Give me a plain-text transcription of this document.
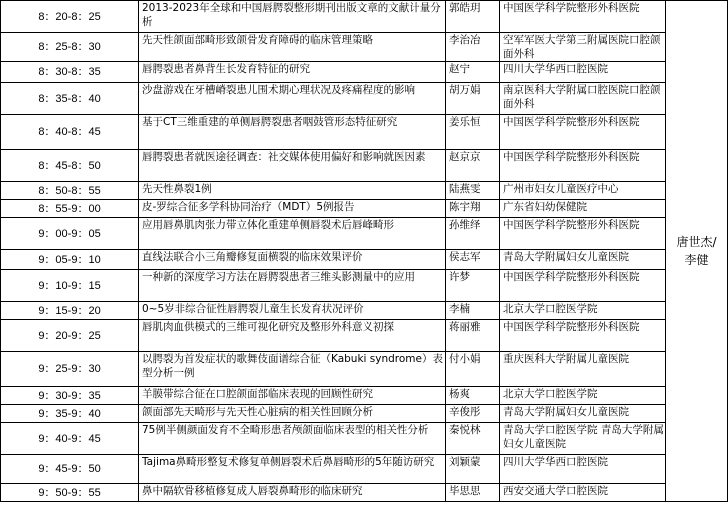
8：20-8：25	2013-2023年全球和中国唇腭裂整形期刊出版文章的文献计量分析	郭皓玥	中国医学科学院整形外科医院	唐世杰/
李健

8：25-8：30	先天性颌面部畸形致颌骨发育障碍的临床管理策略	李治冶	空军军医大学第三附属医院口腔颌面外科	

8：30-8：35	唇腭裂患者鼻背生长发育特征的研究	赵宁	四川大学华西口腔医院	

8：35-8：40	沙盘游戏在牙槽嵴裂患儿围术期心理状况及疼痛程度的影响	胡万娟	南京医科大学附属口腔医院口腔颌面外科	

8：40-8：45	基于CT三维重建的单侧唇腭裂患者咽鼓管形态特征研究	姜乐恒	中国医学科学院整形外科医院	

8：45-8：50	唇腭裂患者就医途径调查：社交媒体使用偏好和影响就医因素	赵京京	中国医学科学院整形外科医院	

8：50-8：55	先天性鼻裂1例	陆燕雯	广州市妇女儿童医疗中心	

8：55-9：00	皮-罗综合征多学科协同治疗（MDT）5例报告	陈宇翔	广东省妇幼保健院	

9：00-9：05	应用唇鼻肌肉张力带立体化重建单侧唇裂术后唇峰畸形	孙维绎	中国医学科学院整形外科医院	

9：05-9：10	直线法联合小三角瓣修复面横裂的临床效果评价	侯志军	青岛大学附属妇女儿童医院	

9：10-9：15	一种新的深度学习方法在唇腭裂患者三维头影测量中的应用	许梦	中国医学科学院整形外科医院	

9：15-9：20	0~5岁非综合征性唇腭裂儿童生长发育状况评价	李楠	北京大学口腔医学院	

9：20-9：25	唇肌肉血供模式的三维可视化研究及整形外科意义初探	蒋丽雅	中国医学科学院整形外科医院	

9：25-9：30	以腭裂为首发症状的歌舞伎面谱综合征（Kabuki syndrome）表型分析一例	付小娟	重庆医科大学附属儿童医院	

9：30-9：35	羊膜带综合征在口腔颌面部临床表现的回顾性研究	杨爽	北京大学口腔医学院	

9：35-9：40	颌面部先天畸形与先天性心脏病的相关性回顾分析	辛俊彤	青岛大学附属妇女儿童医院	

9：40-9：45	75例半侧颜面发育不全畸形患者颅颌面临床表型的相关性分析	秦悦林	青岛大学口腔医学院 青岛大学附属妇女儿童医院	

9：45-9：50	Tajima鼻畸形整复术修复单侧唇裂术后鼻唇畸形的5年随访研究	刘颖蒙	四川大学华西口腔医院	

9：50-9：55	鼻中隔软骨移植修复成人唇裂鼻畸形的临床研究	毕思思	西安交通大学口腔医院	
